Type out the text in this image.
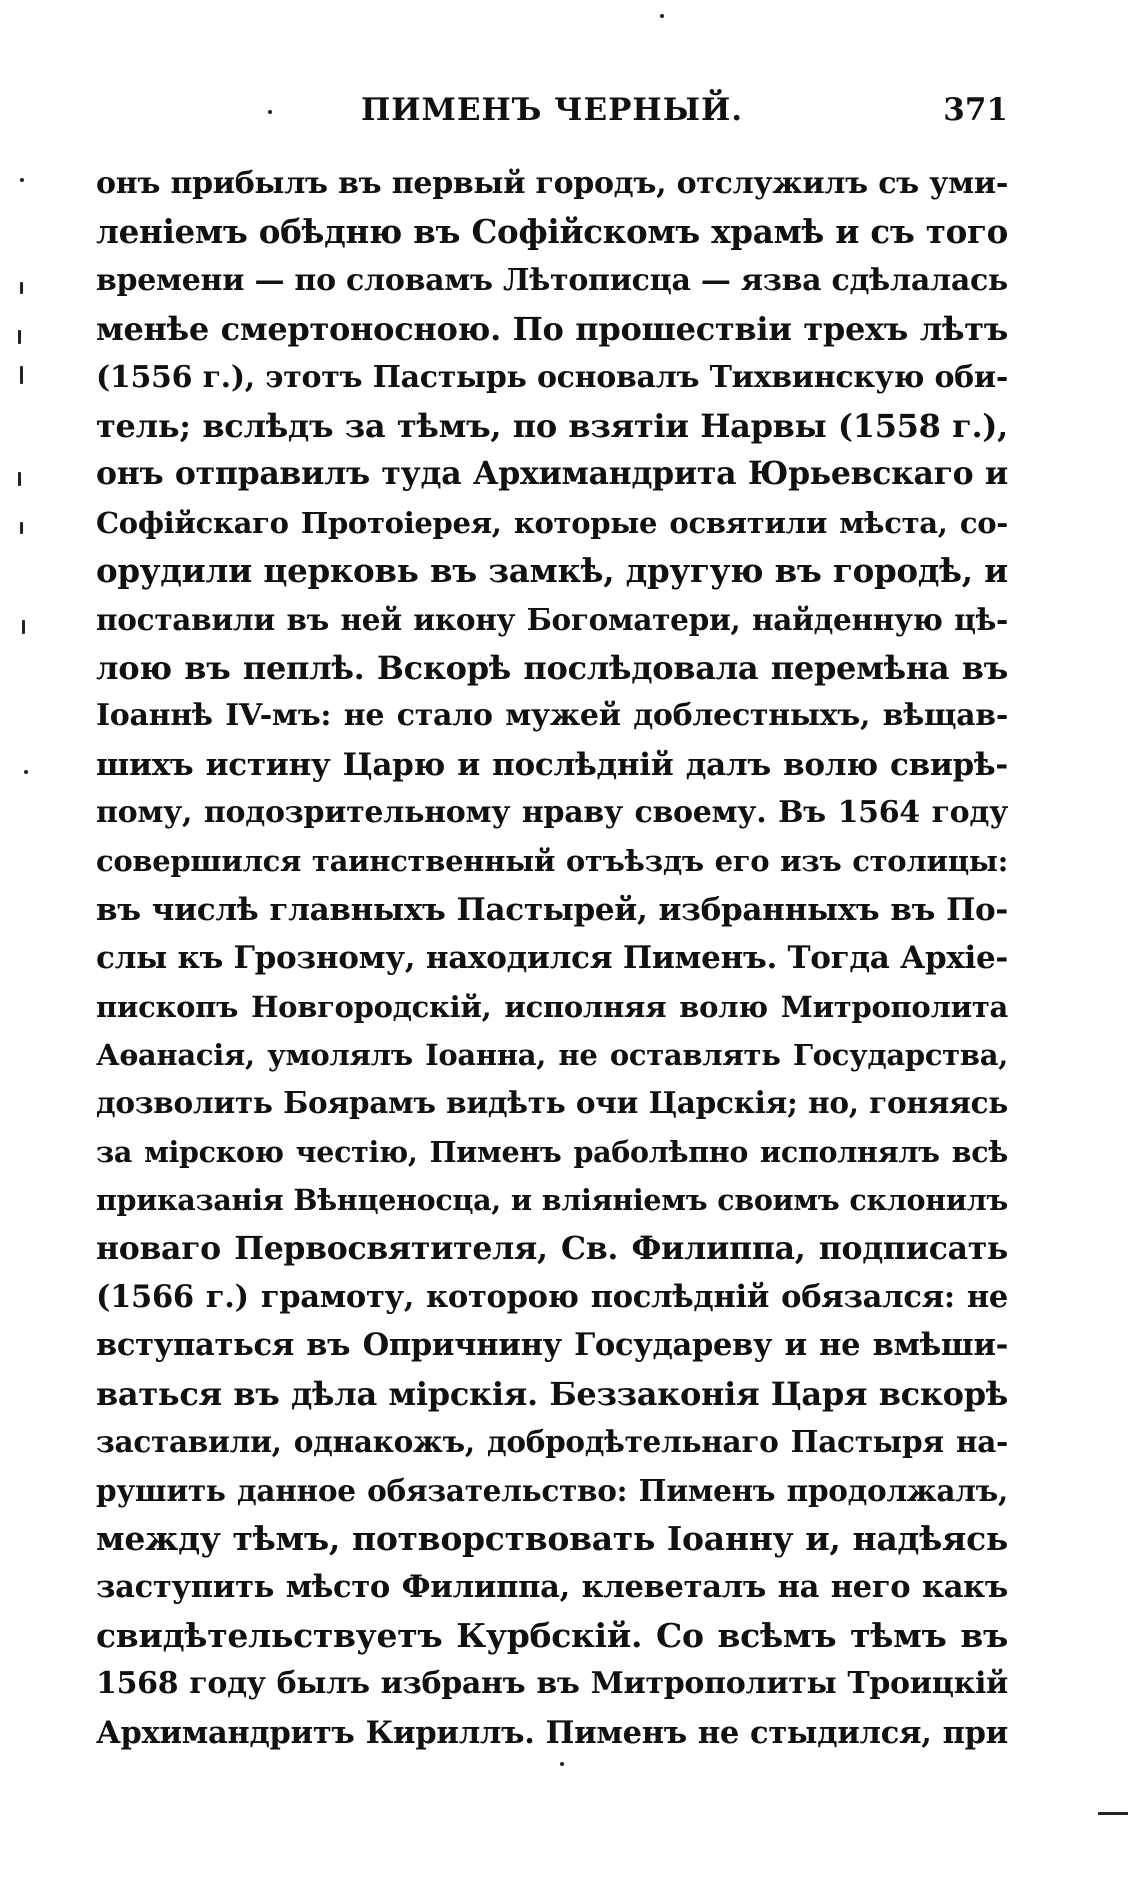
ПИМЕНЪ ЧЕРНЫЙ.	371
онъ прибылъ въ первый городъ, отслужилъ съ уми-
леніемъ обѣдню въ Софійскомъ храмѣ и съ того
времени — по словамъ Лѣтописца — язва сдѣлалась
менѣе смертоносною. По прошествіи трехъ лѣтъ
(1556 г.), этотъ Пастырь основалъ Тихвинскую оби-
тель; вслѣдъ за тѣмъ, по взятіи Нарвы (1558 г.),
онъ отправилъ туда Архимандрита Юрьевскаго и
Софійскаго Протоіерея, которые освятили мѣста, со-
орудили церковь въ замкѣ, другую въ городѣ, и
поставили въ ней икону Богоматери, найденную цѣ-
лою въ пеплѣ. Вскорѣ послѣдовала перемѣна въ
Іоаннѣ IV-мъ: не стало мужей доблестныхъ, вѣщав-
шихъ истину Царю и послѣдній далъ волю свирѣ-
пому, подозрительному нраву своему. Въ 1564 году
совершился таинственный отъѣздъ его изъ столицы:
въ числѣ главныхъ Пастырей, избранныхъ въ По-
слы къ Грозному, находился Пименъ. Тогда Архіе-
пископъ Новгородскій, исполняя волю Митрополита
Аѳанасія, умолялъ Іоанна, не оставлять Государства,
дозволить Боярамъ видѣть очи Царскія; но, гоняясь
за мірскою честію, Пименъ раболѣпно исполнялъ всѣ
приказанія Вѣнценосца, и вліяніемъ своимъ склонилъ
новаго Первосвятителя, Св. Филиппа, подписать
(1566 г.) грамоту, которою послѣдній обязался: не
вступаться въ Опричнину Государеву и не вмѣши-
ваться въ дѣла мірскія. Беззаконія Царя вскорѣ
заставили, однакожъ, добродѣтельнаго Пастыря на-
рушить данное обязательство: Пименъ продолжалъ,
между тѣмъ, потворствовать Іоанну и, надѣясь
заступить мѣсто Филиппа, клеветалъ на него какъ
свидѣтельствуетъ Курбскій. Со всѣмъ тѣмъ въ
1568 году былъ избранъ въ Митрополиты Троицкій
Архимандритъ Кириллъ. Пименъ не стыдился, при
